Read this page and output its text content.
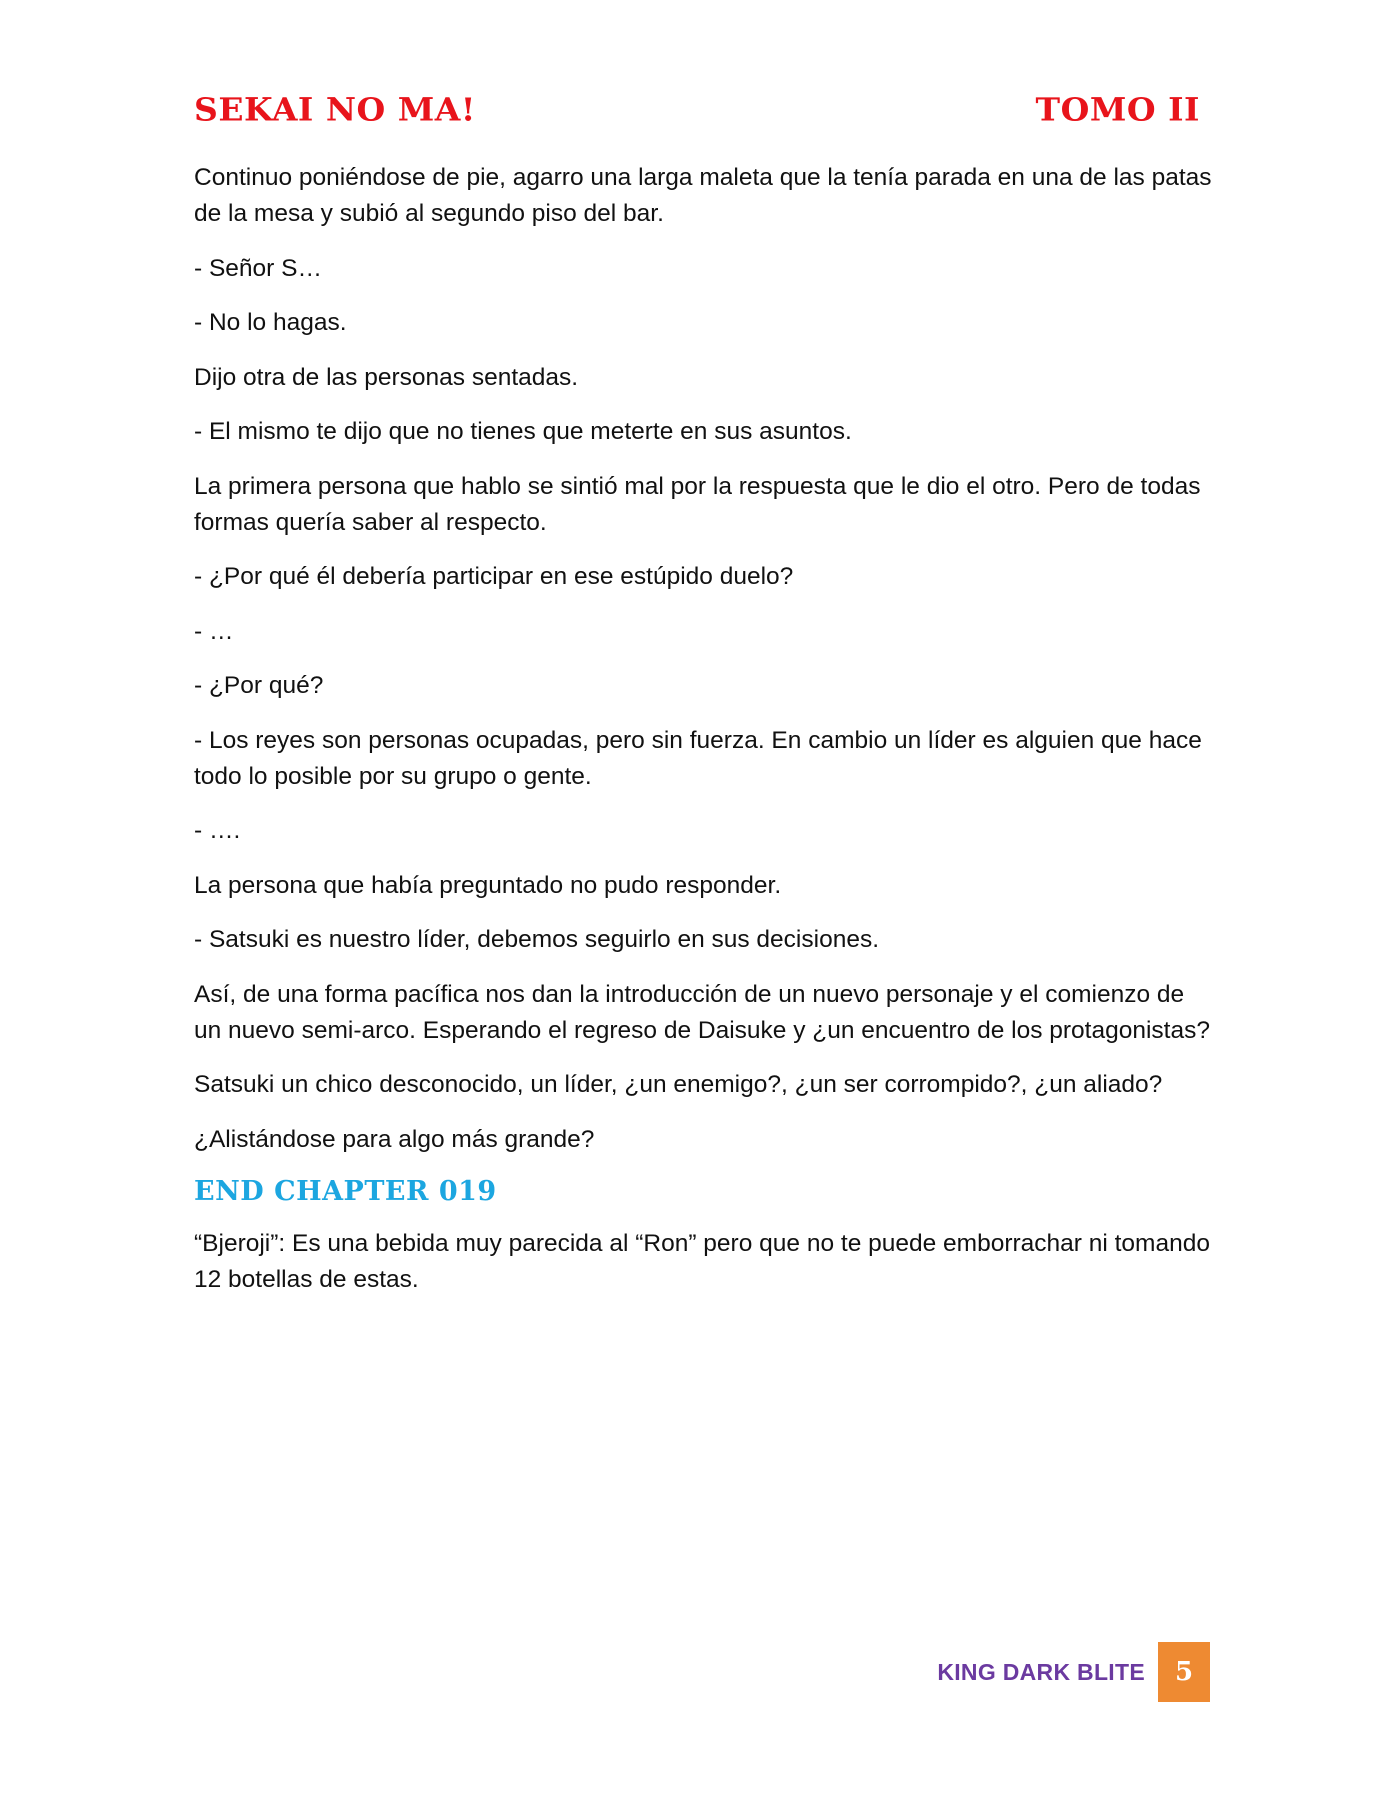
SEKAI NO MA!	TOMO II

Continuo poniéndose de pie, agarro una larga maleta que la tenía parada en una de las patas de la mesa y subió al segundo piso del bar.

- Señor S…

- No lo hagas.

Dijo otra de las personas sentadas.

- El mismo te dijo que no tienes que meterte en sus asuntos.

La primera persona que hablo se sintió mal por la respuesta que le dio el otro. Pero de todas formas quería saber al respecto.

- ¿Por qué él debería participar en ese estúpido duelo?

- …

- ¿Por qué?

- Los reyes son personas ocupadas, pero sin fuerza. En cambio un líder es alguien que hace todo lo posible por su grupo o gente.

- ….

La persona que había preguntado no pudo responder.

- Satsuki es nuestro líder, debemos seguirlo en sus decisiones.

Así, de una forma pacífica nos dan la introducción de un nuevo personaje y el comienzo de un nuevo semi-arco. Esperando el regreso de Daisuke y ¿un encuentro de los protagonistas?

Satsuki un chico desconocido, un líder, ¿un enemigo?, ¿un ser corrompido?, ¿un aliado?

¿Alistándose para algo más grande?

END CHAPTER 019

“Bjeroji”: Es una bebida muy parecida al “Ron” pero que no te puede emborrachar ni tomando 12 botellas de estas.

KING DARK BLITE	5
